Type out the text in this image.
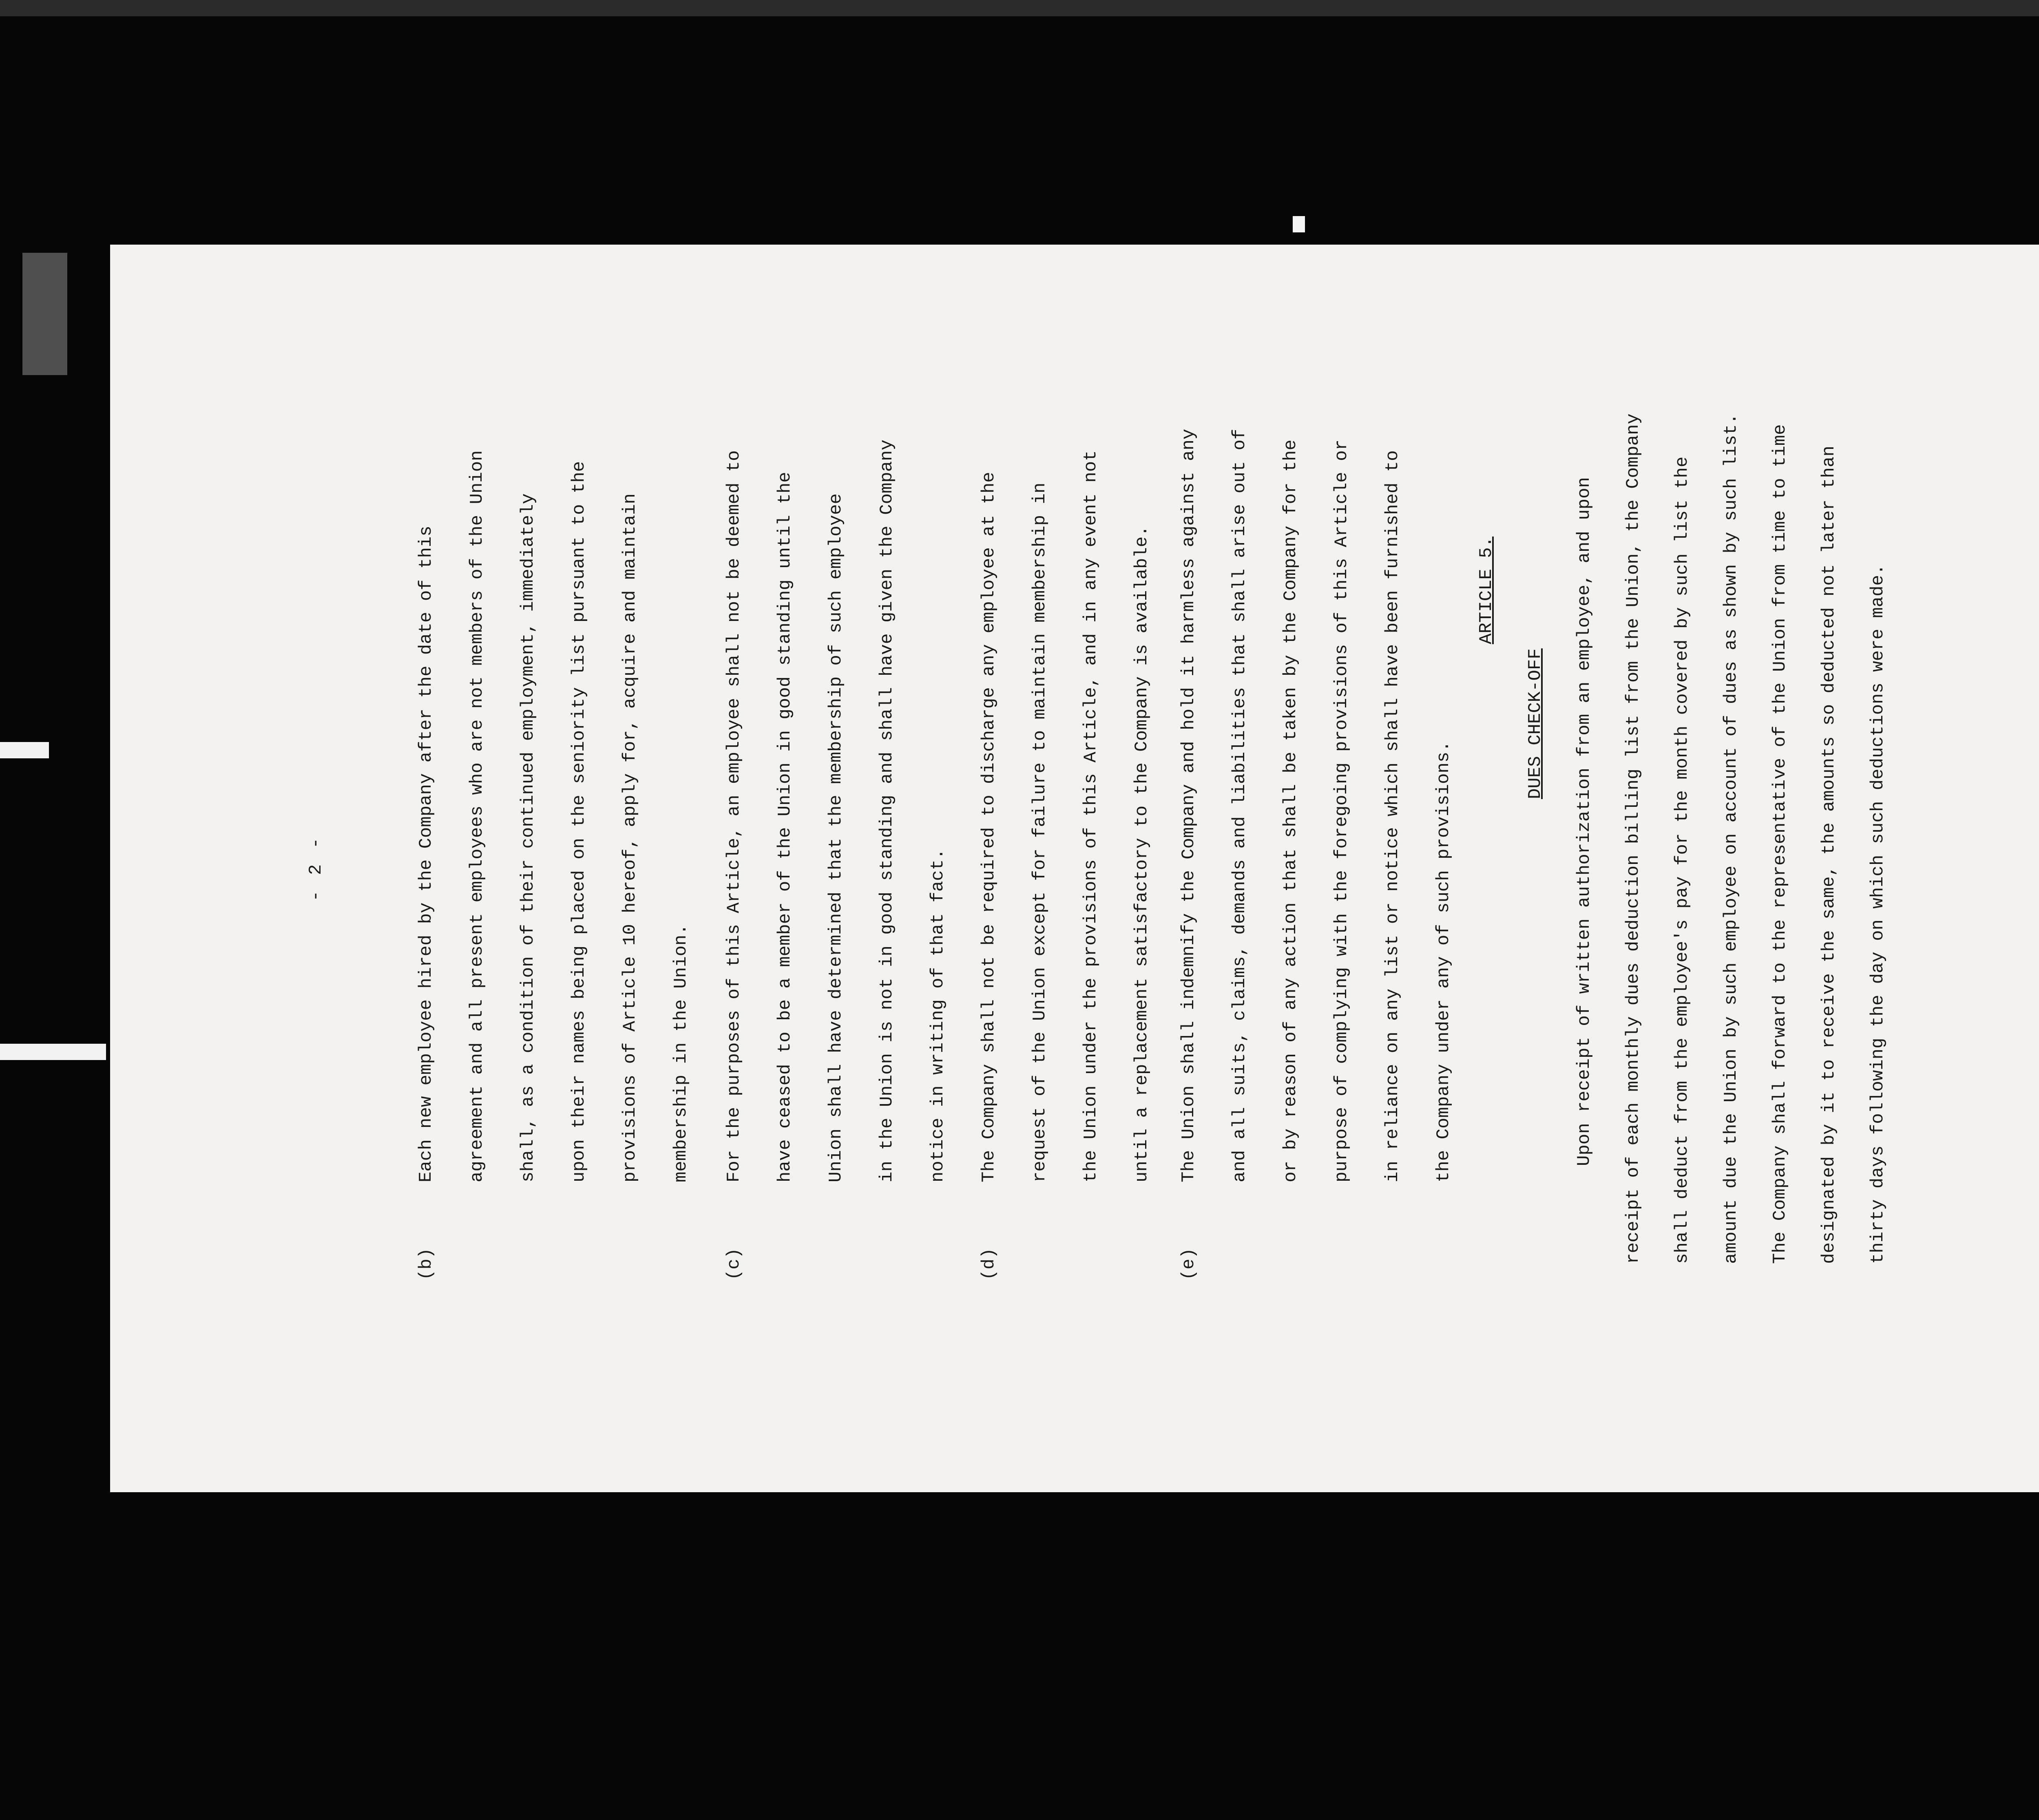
- 2 -
(b)
Each new employee hired by the Company after the date of this agreement and all present employees who are not members of the Union shall, as a condition of their continued employment, immediately upon their names being placed on the seniority list pursuant to the provisions of Article 10 hereof, apply for, acquire and maintain membership in the Union.
(c)
For the purposes of this Article, an employee shall not be deemed to have ceased to be a member of the Union in good standing until the Union shall have determined that the membership of such employee in the Union is not in good standing and shall have given the Company notice in writing of that fact.
(d)
The Company shall not be required to discharge any employee at the request of the Union except for failure to maintain membership in the Union under the provisions of this Article, and in any event not until a replacement satisfactory to the Company is available.
(e)
The Union shall indemnify the Company and hold it harmless against any and all suits, claims, demands and liabilities that shall arise out of or by reason of any action that shall be taken by the Company for the purpose of complying with the foregoing provisions of this Article or in reliance on any list or notice which shall have been furnished to the Company under any of such provisions.
ARTICLE 5.
DUES CHECK-OFF Upon receipt of written authorization from an employee, and upon receipt of each monthly dues deduction billing list from the Union, the Company shall deduct from the employee's pay for the month covered by such list the amount due the Union by such employee on account of dues as shown by such list. The Company shall forward to the representative of the Union from time to time designated by it to receive the same, the amounts so deducted not later than thirty days following the day on which such deductions were made.
